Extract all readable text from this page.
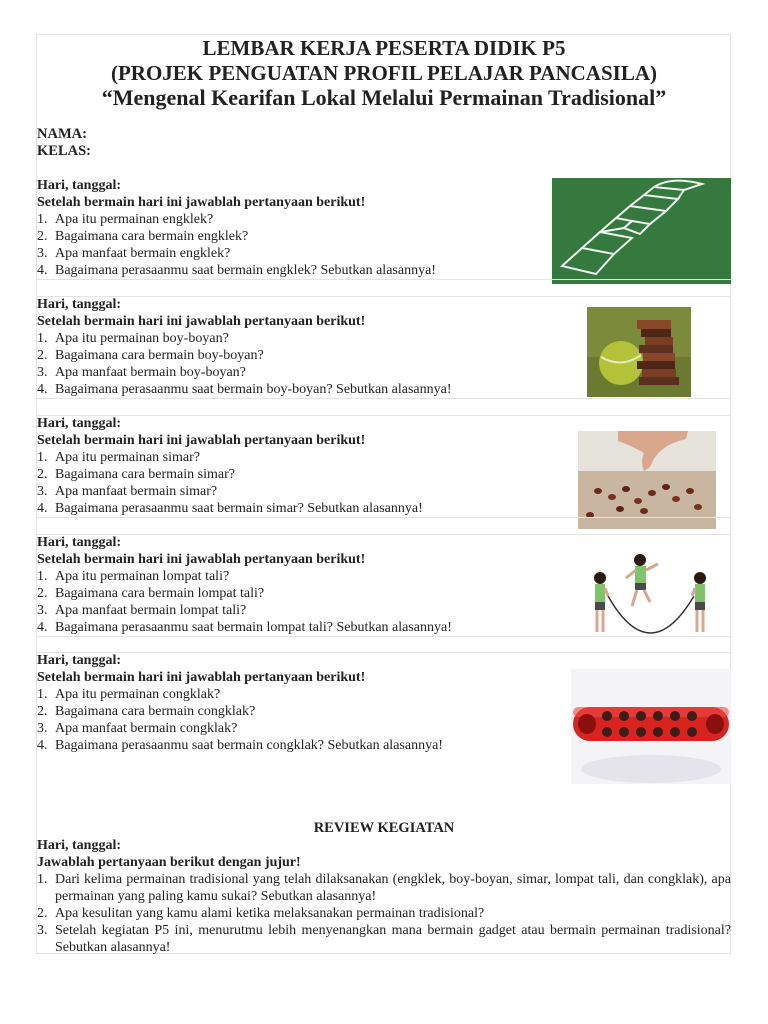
LEMBAR KERJA PESERTA DIDIK P5
(PROJEK PENGUATAN PROFIL PELAJAR PANCASILA)
“Mengenal Kearifan Lokal Melalui Permainan Tradisional”
NAMA:
KELAS:
Hari, tanggal:
Setelah bermain hari ini jawablah pertanyaan berikut!
1. Apa itu permainan engklek?
2. Bagaimana cara bermain engklek?
3. Apa manfaat bermain engklek?
4. Bagaimana perasaanmu saat bermain engklek? Sebutkan alasannya!
Hari, tanggal:
Setelah bermain hari ini jawablah pertanyaan berikut!
1. Apa itu permainan boy-boyan?
2. Bagaimana cara bermain boy-boyan?
3. Apa manfaat bermain boy-boyan?
4. Bagaimana perasaanmu saat bermain boy-boyan? Sebutkan alasannya!
Hari, tanggal:
Setelah bermain hari ini jawablah pertanyaan berikut!
1. Apa itu permainan simar?
2. Bagaimana cara bermain simar?
3. Apa manfaat bermain simar?
4. Bagaimana perasaanmu saat bermain simar? Sebutkan alasannya!
Hari, tanggal:
Setelah bermain hari ini jawablah pertanyaan berikut!
1. Apa itu permainan lompat tali?
2. Bagaimana cara bermain lompat tali?
3. Apa manfaat bermain lompat tali?
4. Bagaimana perasaanmu saat bermain lompat tali? Sebutkan alasannya!
Hari, tanggal:
Setelah bermain hari ini jawablah pertanyaan berikut!
1. Apa itu permainan congklak?
2. Bagaimana cara bermain congklak?
3. Apa manfaat bermain congklak?
4. Bagaimana perasaanmu saat bermain congklak? Sebutkan alasannya!
REVIEW KEGIATAN
Hari, tanggal:
Jawablah pertanyaan berikut dengan jujur!
1. Dari kelima permainan tradisional yang telah dilaksanakan (engklek, boy-boyan, simar, lompat tali, dan congklak), apa permainan yang paling kamu sukai? Sebutkan alasannya!
2. Apa kesulitan yang kamu alami ketika melaksanakan permainan tradisional?
3. Setelah kegiatan P5 ini, menurutmu lebih menyenangkan mana bermain gadget atau bermain permainan tradisional? Sebutkan alasannya!
